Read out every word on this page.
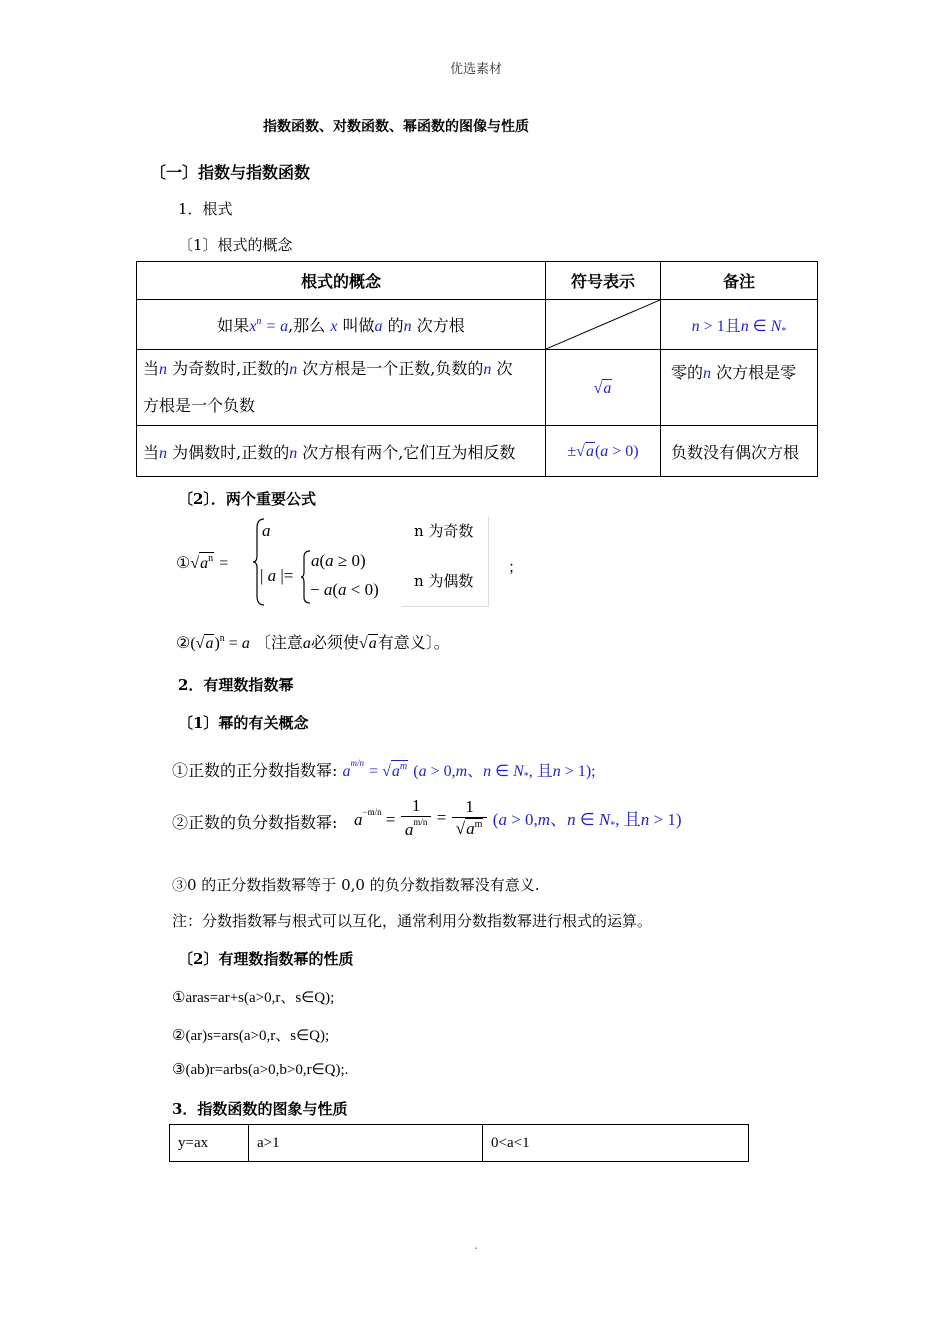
优选素材
指数函数、对数函数、幂函数的图像与性质
〔一〕指数与指数函数
1．根式
〔1〕根式的概念
根式的概念	符号表示	备注
如果$x^n = a$,那么 x 叫做a 的n 次方根		n > 1且n ∈ $N_*$
当n 为奇数时,正数的n 次方根是一个正数,负数的n 次
方根是一个负数	√a	零的n 次方根是零
当n 为偶数时,正数的n 次方根有两个,它们互为相反数	±√a(a > 0)	负数没有偶次方根
〔2〕．两个重要公式
$①√a^n$ =
a
| a |=
a(a ≥ 0)
− a(a < 0)
n 为奇数
n 为偶数
；
$②(√a)^n = a$ 〔注意a必须使√a有意义〕。
2．有理数指数幂
〔1〕幂的有关概念
①正数的正分数指数幂: $a^{m/n} = √a^m$ (a > 0,m、n ∈ $N_*$, 且n > 1);
②正数的负分数指数幂: $a^{-m/n} = \frac{1}{a^{m/n}} = \frac{1}{√a^m} (a > 0,m$、n ∈ $N_*$, 且n > 1)
③0 的正分数指数幂等于 0,0 的负分数指数幂没有意义.
注：分数指数幂与根式可以互化，通常利用分数指数幂进行根式的运算。
〔2〕有理数指数幂的性质
①aras=ar+s(a>0,r、s∈Q);
②(ar)s=ars(a>0,r、s∈Q);
③(ab)r=arbs(a>0,b>0,r∈Q);.
3．指数函数的图象与性质
y=ax	a>1	0<a<1
.
